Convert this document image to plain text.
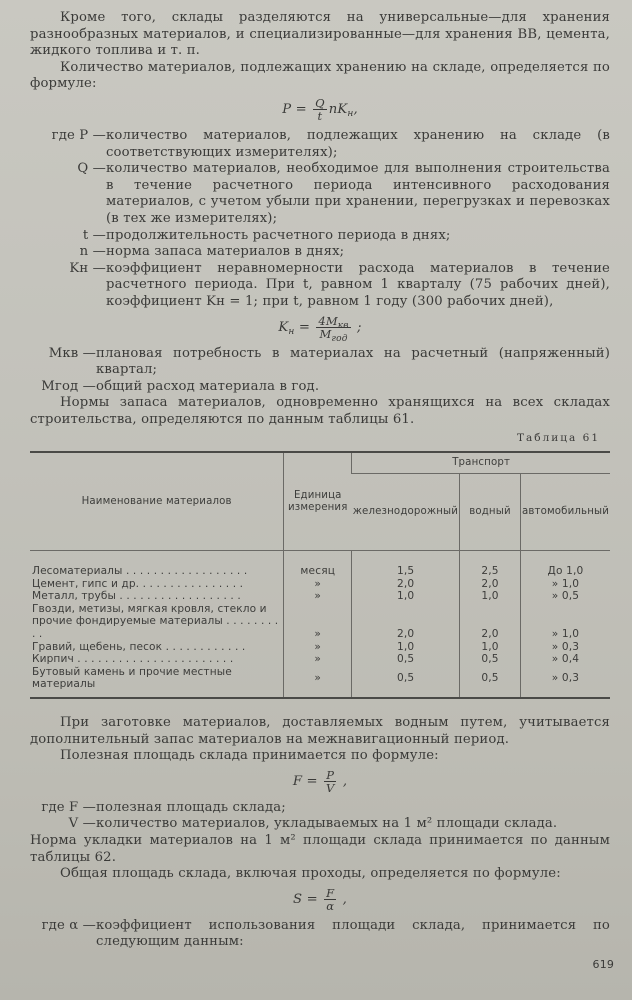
Кроме того, склады разделяются на универсальные—для хранения разнообразных материалов, и специализированные—для хранения ВВ, цемента, жидкого топлива и т. п.

Количество материалов, подлежащих хранению на складе, определяется по формуле:

$P = \frac{Q}{t} nK_н$,
где P — количество материалов, подлежащих хранению на складе (в соответствующих измерителях);
Q — количество материалов, необходимое для выполнения строительства в течение расчетного периода интенсивного расходования материалов, с учетом убыли при хранении, перегрузках и перевозках (в тех же измерителях);
t — продолжительность расчетного периода в днях;
n — норма запаса материалов в днях;
Kн — коэффициент неравномерности расхода материалов в течение расчетного периода. При t, равном 1 кварталу (75 рабочих дней), коэффициент Kн = 1; при t, равном 1 году (300 рабочих дней),
$K_н = \frac{4M_{кв}}{M_{год}}$ ;
Mкв — плановая потребность в материалах на расчетный (напряженный) квартал;
Mгод — общий расход материала в год.

Нормы запаса материалов, одновременно хранящихся на всех складах строительства, определяются по данным таблицы 61.

Таблица 61
Наименование материалов	Единица измерения	Транспорт		
		железнодорожный	водный	автомобильный

Лесоматериалы . . . . . . . . . . . . . . . . . .	месяц	1,5	2,5	До 1,0
Цемент, гипс и др. . . . . . . . . . . . . . . .	»	2,0	2,0	» 1,0
Металл, трубы . . . . . . . . . . . . . . . . . .	»	1,0	1,0	» 0,5
Гвозди, метизы, мягкая кровля, стекло и прочие фондируемые материалы . . . . . . . . . .	»	2,0	2,0	» 1,0
Гравий, щебень, песок . . . . . . . . . . . .	»	1,0	1,0	» 0,3
Кирпич . . . . . . . . . . . . . . . . . . . . . . .	»	0,5	0,5	» 0,4
Бутовый камень и прочие местные материалы	»	0,5	0,5	» 0,3

При заготовке материалов, доставляемых водным путем, учитывается дополнительный запас материалов на межнавигационный период.

Полезная площадь склада принимается по формуле:

$F = \frac{P}{V}$ ,
где F — полезная площадь склада;
V — количество материалов, укладываемых на 1 м² площади склада.

Норма укладки материалов на 1 м² площади склада принимается по данным таблицы 62.

Общая площадь склада, включая проходы, определяется по формуле:

$S = \frac{F}{\alpha}$ ,
где α — коэффициент использования площади склада, принимается по следующим данным:
619
